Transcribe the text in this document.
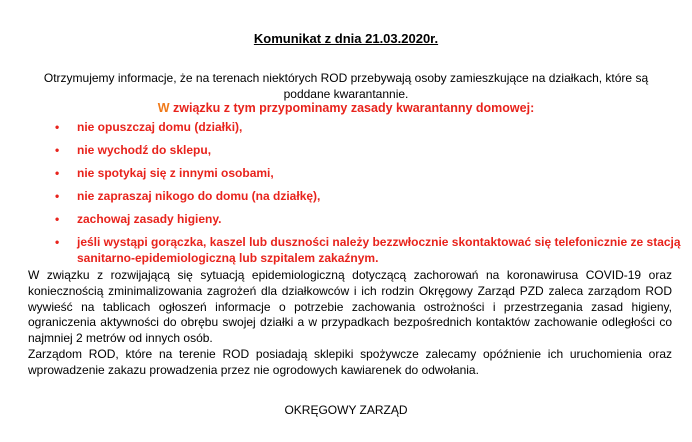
Komunikat z dnia 21.03.2020r.
Otrzymujemy informacje, że na terenach niektórych ROD przebywają osoby zamieszkujące na działkach, które są poddane kwarantannie.
W związku z tym przypominamy zasady kwarantanny domowej:
• nie opuszczaj domu (działki),
• nie wychodź do sklepu,
• nie spotykaj się z innymi osobami,
• nie zapraszaj nikogo do domu (na działkę),
• zachowaj zasady higieny.
• jeśli wystąpi gorączka, kaszel lub duszności należy bezzwłocznie skontaktować się telefonicznie ze stacją sanitarno-epidemiologiczną lub szpitalem zakaźnym.

W związku z rozwijającą się sytuacją epidemiologiczną dotyczącą zachorowań na koronawirusa COVID-19 oraz koniecznością zminimalizowania zagrożeń dla działkowców i ich rodzin Okręgowy Zarząd PZD zaleca zarządom ROD wywieść na tablicach ogłoszeń informacje o potrzebie zachowania ostrożności i przestrzegania zasad higieny, ograniczenia aktywności do obrębu swojej działki a w przypadkach bezpośrednich kontaktów zachowanie odległości co najmniej 2 metrów od innych osób.

Zarządom ROD, które na terenie ROD posiadają sklepiki spożywcze zalecamy opóźnienie ich uruchomienia oraz wprowadzenie zakazu prowadzenia przez nie ogrodowych kawiarenek do odwołania.

OKRĘGOWY ZARZĄD
